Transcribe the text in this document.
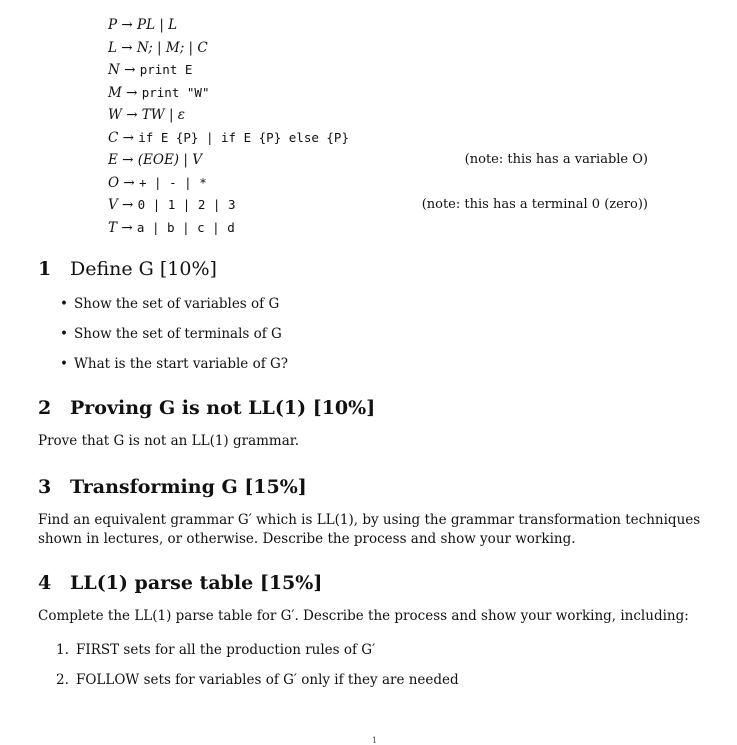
P → PL | L
L → N; | M; | C
N → print E
M → print "W"
W → TW | ε
C → if E {P} | if E {P} else {P}
E → (EOE) | V	(note: this has a variable O)
O → + | - | *
V → 0 | 1 | 2 | 3	(note: this has a terminal 0 (zero))
T → a | b | c | d
1 Define G [10%]
• Show the set of variables of G
• Show the set of terminals of G
• What is the start variable of G?
2 Proving G is not LL(1) [10%]
Prove that G is not an LL(1) grammar.
3 Transforming G [15%]
Find an equivalent grammar G′ which is LL(1), by using the grammar transformation techniques shown in lectures, or otherwise. Describe the process and show your working.
4 LL(1) parse table [15%]
Complete the LL(1) parse table for G′. Describe the process and show your working, including:
1. FIRST sets for all the production rules of G′
2. FOLLOW sets for variables of G′ only if they are needed
1
